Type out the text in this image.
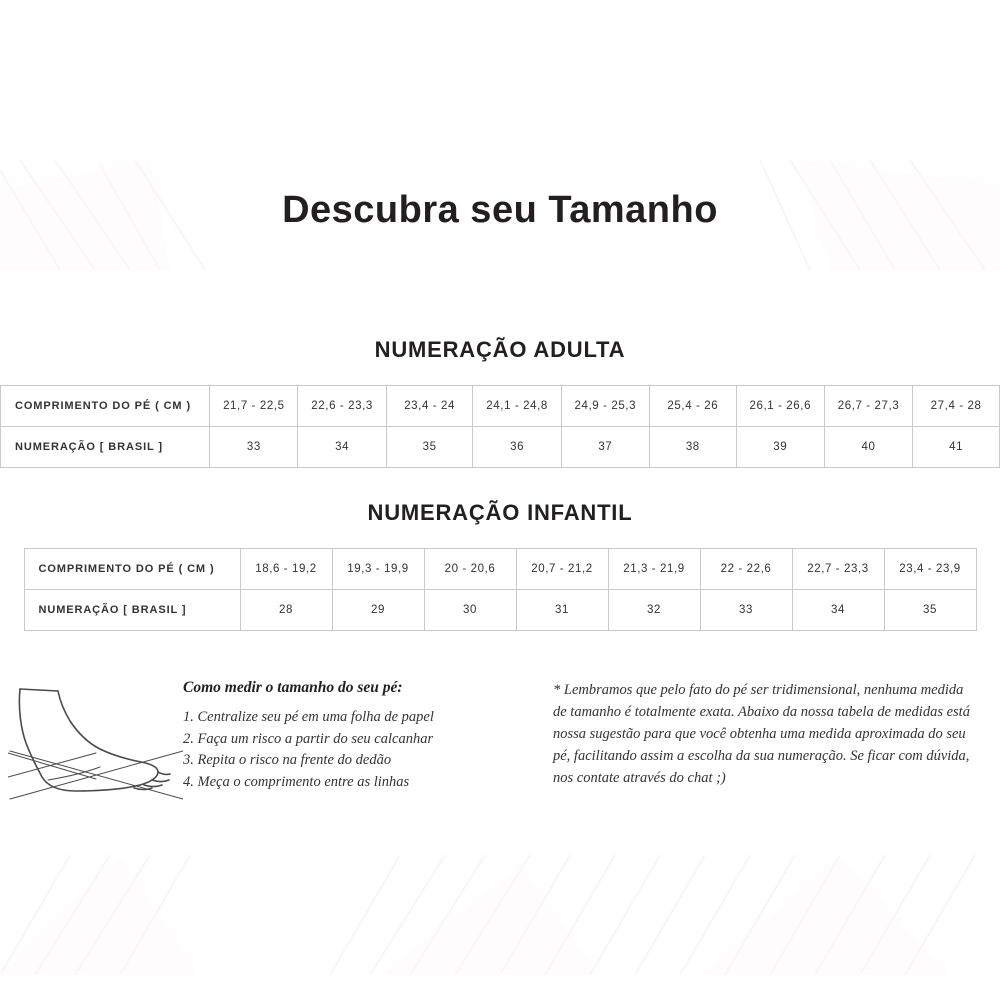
Descubra seu Tamanho
NUMERAÇÃO ADULTA
COMPRIMENTO DO PÉ ( CM )	21,7 - 22,5	22,6 - 23,3	23,4 - 24	24,1 - 24,8	24,9 - 25,3	25,4 - 26	26,1 - 26,6	26,7 - 27,3	27,4 - 28
NUMERAÇÃO [ BRASIL ]	33	34	35	36	37	38	39	40	41
NUMERAÇÃO INFANTIL
COMPRIMENTO DO PÉ ( CM )	18,6 - 19,2	19,3 - 19,9	20 - 20,6	20,7 - 21,2	21,3 - 21,9	22 - 22,6	22,7 - 23,3	23,4 - 23,9
NUMERAÇÃO [ BRASIL ]	28	29	30	31	32	33	34	35
Como medir o tamanho do seu pé:
1. Centralize seu pé em uma folha de papel
2. Faça um risco a partir do seu calcanhar
3. Repita o risco na frente do dedão
4. Meça o comprimento entre as linhas
* Lembramos que pelo fato do pé ser tridimensional, nenhuma medida de tamanho é totalmente exata. Abaixo da nossa tabela de medidas está nossa sugestão para que você obtenha uma medida aproximada do seu pé, facilitando assim a escolha da sua numeração. Se ficar com dúvida, nos contate através do chat ;)
